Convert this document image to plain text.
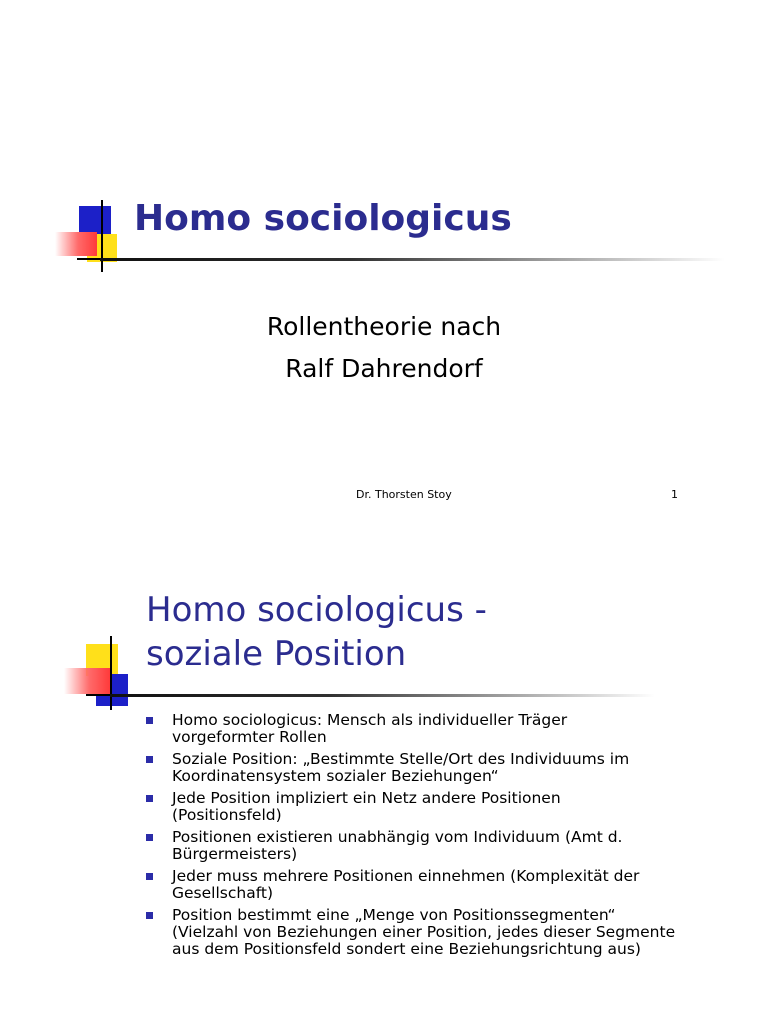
Homo sociologicus

Rollentheorie nach

Ralf Dahrendorf

Dr. Thorsten Stoy	1
Homo sociologicus -
soziale Position
Homo sociologicus: Mensch als individueller Träger
vorgeformter Rollen
Soziale Position: „Bestimmte Stelle/Ort des Individuums im
Koordinatensystem sozialer Beziehungen“
Jede Position impliziert ein Netz andere Positionen
(Positionsfeld)
Positionen existieren unabhängig vom Individuum (Amt d.
Bürgermeisters)
Jeder muss mehrere Positionen einnehmen (Komplexität der
Gesellschaft)
Position bestimmt eine „Menge von Positionssegmenten“
(Vielzahl von Beziehungen einer Position, jedes dieser Segmente
aus dem Positionsfeld sondert eine Beziehungsrichtung aus)
